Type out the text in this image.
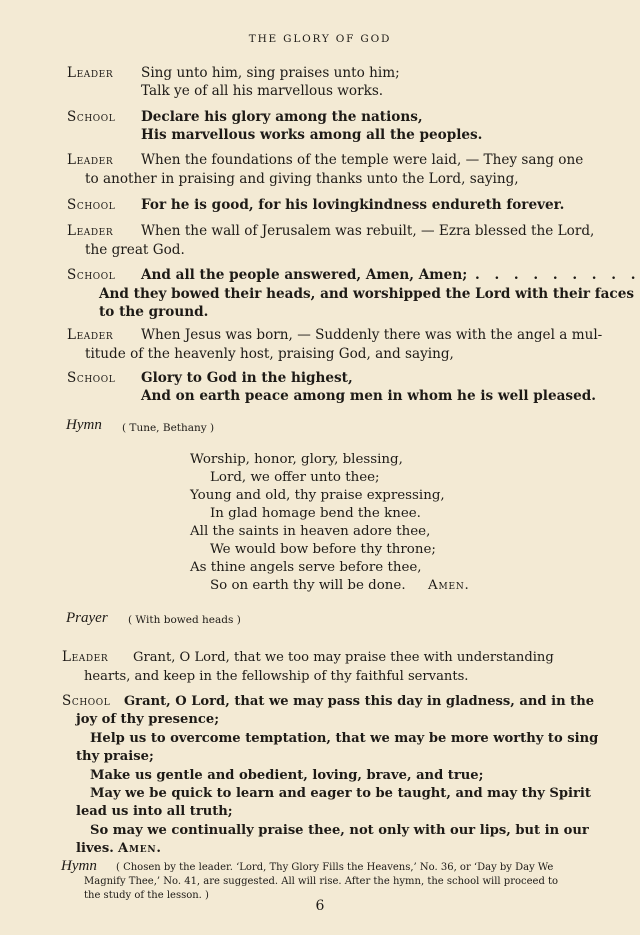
THE GLORY OF GOD
Leader Sing unto him, sing praises unto him;
Talk ye of all his marvellous works.
School Declare his glory among the nations,
His marvellous works among all the peoples.
Leader When the foundations of the temple were laid, — They sang one
to another in praising and giving thanks unto the Lord, saying,
School For he is good, for his lovingkindness endureth forever.
Leader When the wall of Jerusalem was rebuilt, — Ezra blessed the Lord,
the great God.
School And all the people answered, Amen, Amen; . . . . . . . . .
And they bowed their heads, and worshipped the Lord with their faces
to the ground.
Leader When Jesus was born, — Suddenly there was with the angel a mul-
titude of the heavenly host, praising God, and saying,
School Glory to God in the highest,
And on earth peace among men in whom he is well pleased.
Hymn ( Tune, Bethany )
Worship, honor, glory, blessing,
Lord, we offer unto thee;
Young and old, thy praise expressing,
In glad homage bend the knee.
All the saints in heaven adore thee,
We would bow before thy throne;
As thine angels serve before thee,
So on earth thy will be done. Amen.
Prayer ( With bowed heads )
Leader Grant, O Lord, that we too may praise thee with understanding
hearts, and keep in the fellowship of thy faithful servants.
School Grant, O Lord, that we may pass this day in gladness, and in the
joy of thy presence;
Help us to overcome temptation, that we may be more worthy to sing
thy praise;
Make us gentle and obedient, loving, brave, and true;
May we be quick to learn and eager to be taught, and may thy Spirit
lead us into all truth;
So may we continually praise thee, not only with our lips, but in our
lives. Amen.
Hymn ( Chosen by the leader. ‘Lord, Thy Glory Fills the Heavens,’ No. 36, or ‘Day by Day We
Magnify Thee,’ No. 41, are suggested. All will rise. After the hymn, the school will proceed to
the study of the lesson. )
6
